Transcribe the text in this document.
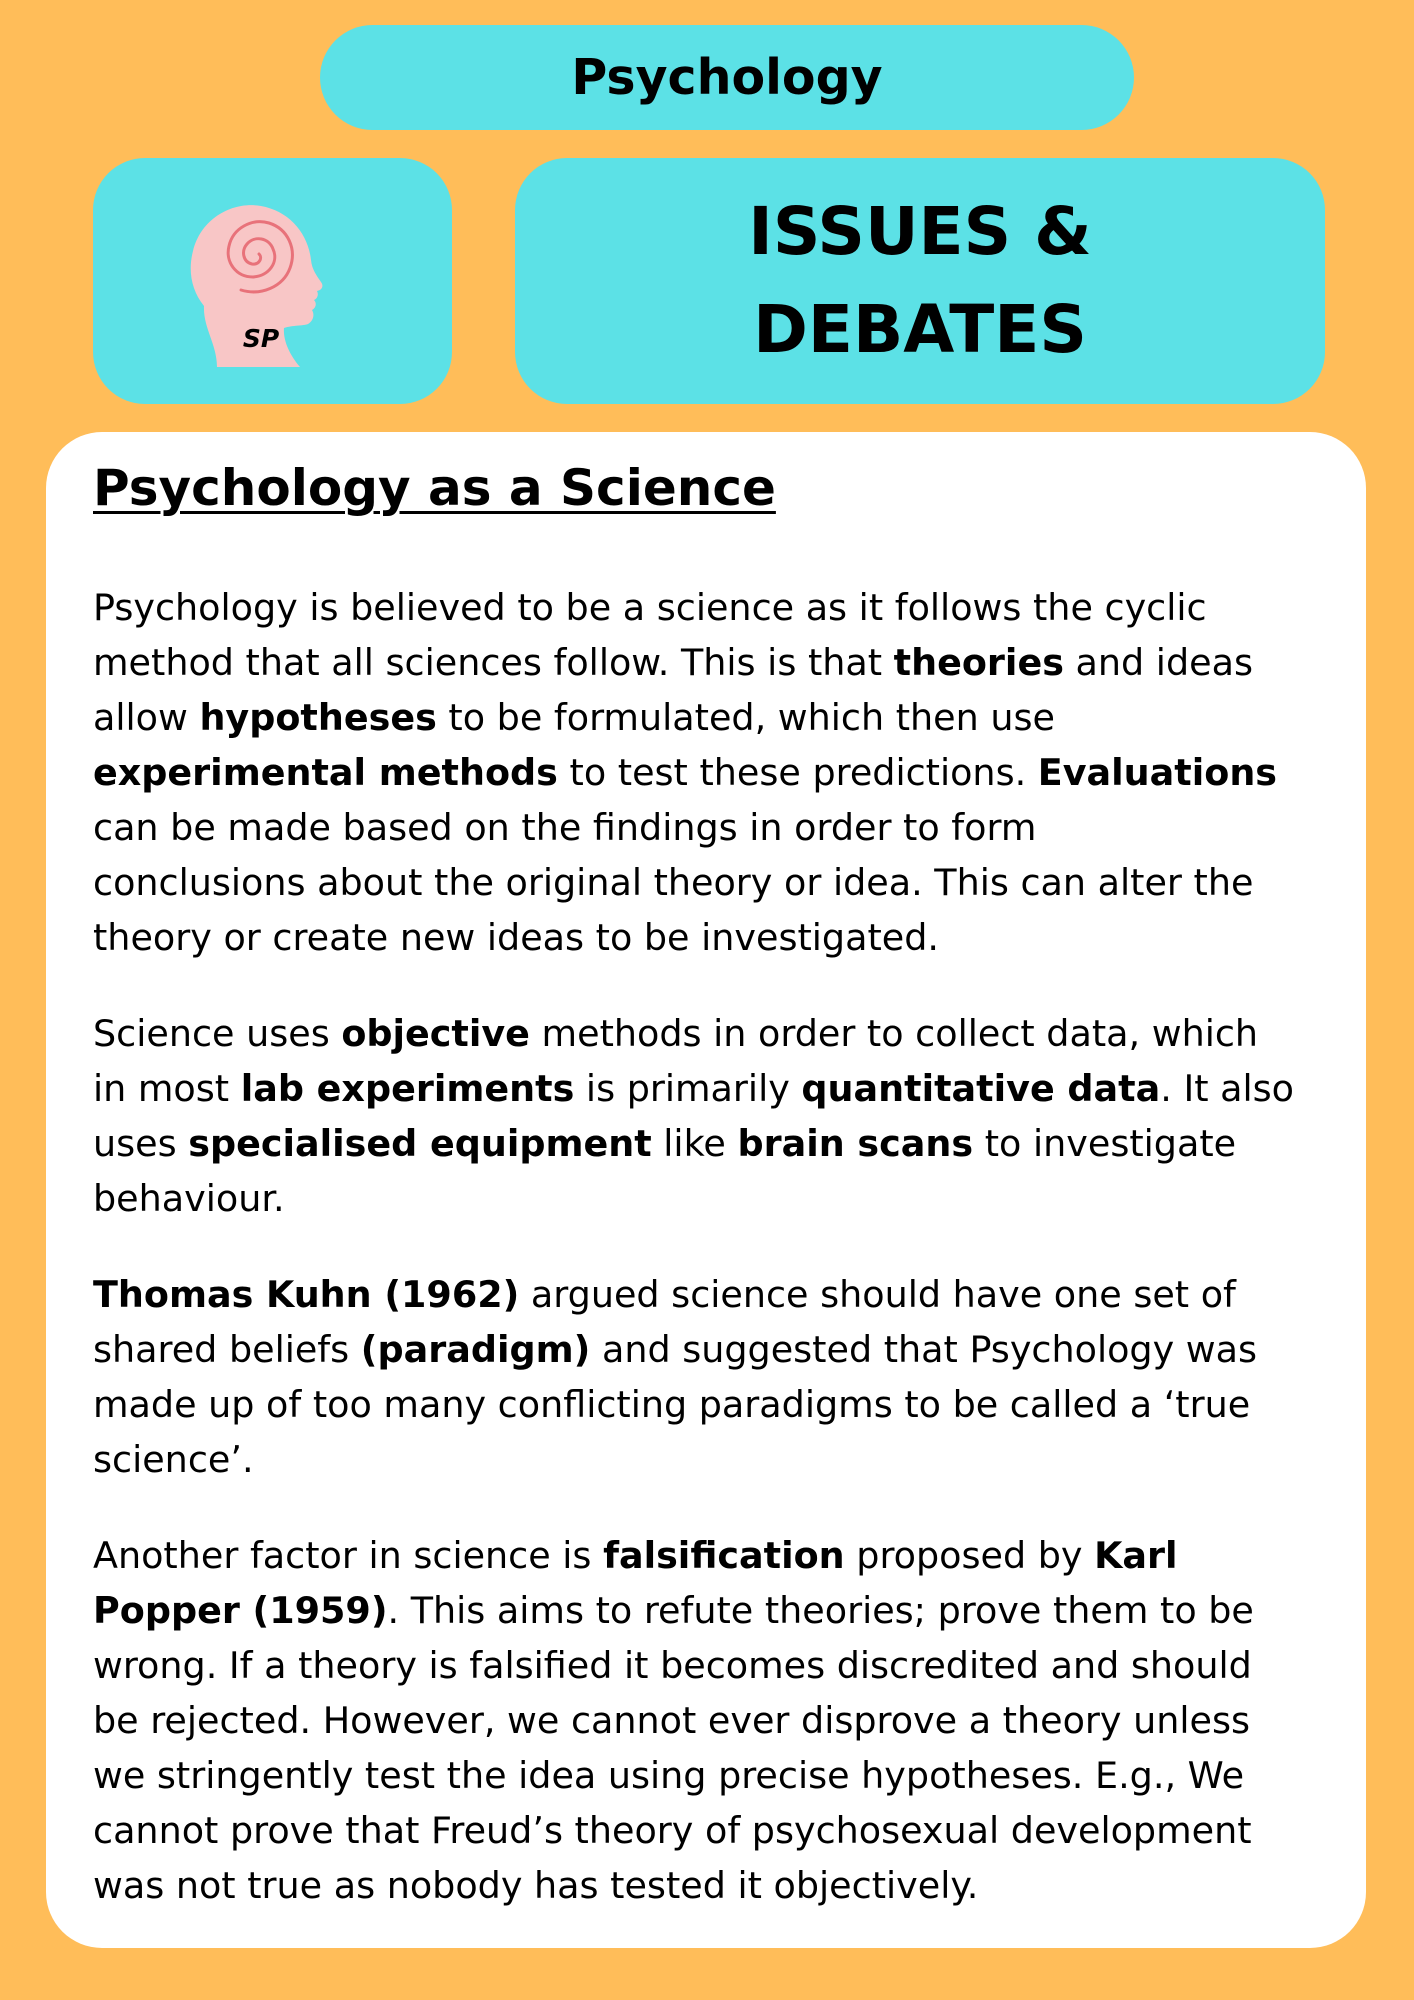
Psychology
SP
ISSUES &
DEBATES
Psychology as a Science

Psychology is believed to be a science as it follows the cyclic
method that all sciences follow. This is that theories and ideas
allow hypotheses to be formulated, which then use
experimental methods to test these predictions. Evaluations
can be made based on the findings in order to form
conclusions about the original theory or idea. This can alter the
theory or create new ideas to be investigated.

Science uses objective methods in order to collect data, which
in most lab experiments is primarily quantitative data. It also
uses specialised equipment like brain scans to investigate
behaviour.

Thomas Kuhn (1962) argued science should have one set of
shared beliefs (paradigm) and suggested that Psychology was
made up of too many conflicting paradigms to be called a ‘true
science’.

Another factor in science is falsification proposed by Karl
Popper (1959). This aims to refute theories; prove them to be
wrong. If a theory is falsified it becomes discredited and should
be rejected. However, we cannot ever disprove a theory unless
we stringently test the idea using precise hypotheses. E.g., We
cannot prove that Freud’s theory of psychosexual development
was not true as nobody has tested it objectively.
